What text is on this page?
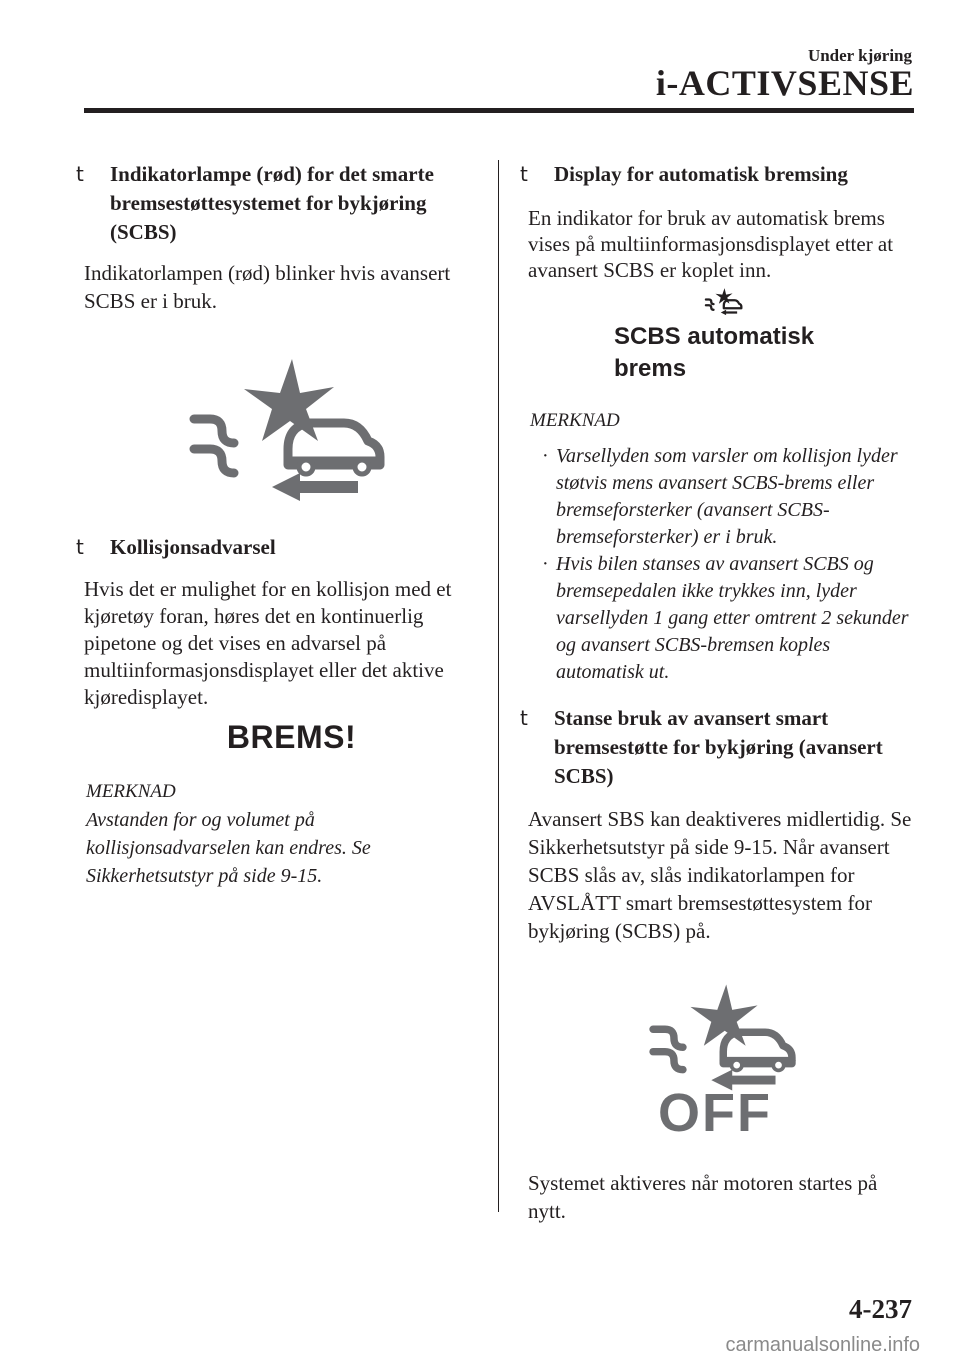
Under kjøring
i-ACTIVSENSE
t Indikatorlampe (rød) for det smarte bremsestøttesystemet for bykjøring (SCBS)

Indikatorlampen (rød) blinker hvis avansert SCBS er i bruk.

t Kollisjonsadvarsel

Hvis det er mulighet for en kollisjon med et kjøretøy foran, høres det en kontinuerlig pipetone og det vises en advarsel på multiinformasjonsdisplayet eller det aktive kjøredisplayet.

BREMS!

MERKNAD

Avstanden for og volumet på kollisjonsadvarselen kan endres. Se Sikkerhetsutstyr på side 9-15.

t Display for automatisk bremsing

En indikator for bruk av automatisk brems vises på multiinformasjonsdisplayet etter at avansert SCBS er koplet inn.

SCBS automatisk
brems

MERKNAD

· Varsellyden som varsler om kollisjon lyder støtvis mens avansert SCBS-brems eller bremseforsterker (avansert SCBS-bremseforsterker) er i bruk.
· Hvis bilen stanses av avansert SCBS og bremsepedalen ikke trykkes inn, lyder varsellyden 1 gang etter omtrent 2 sekunder og avansert SCBS-bremsen koples automatisk ut.
t Stanse bruk av avansert smart bremsestøtte for bykjøring (avansert SCBS)

Avansert SBS kan deaktiveres midlertidig. Se Sikkerhetsutstyr på side 9-15. Når avansert SCBS slås av, slås indikatorlampen for AVSLÅTT smart bremsestøttesystem for bykjøring (SCBS) på.

OFF

Systemet aktiveres når motoren startes på nytt.

4-237
carmanualsonline.info
